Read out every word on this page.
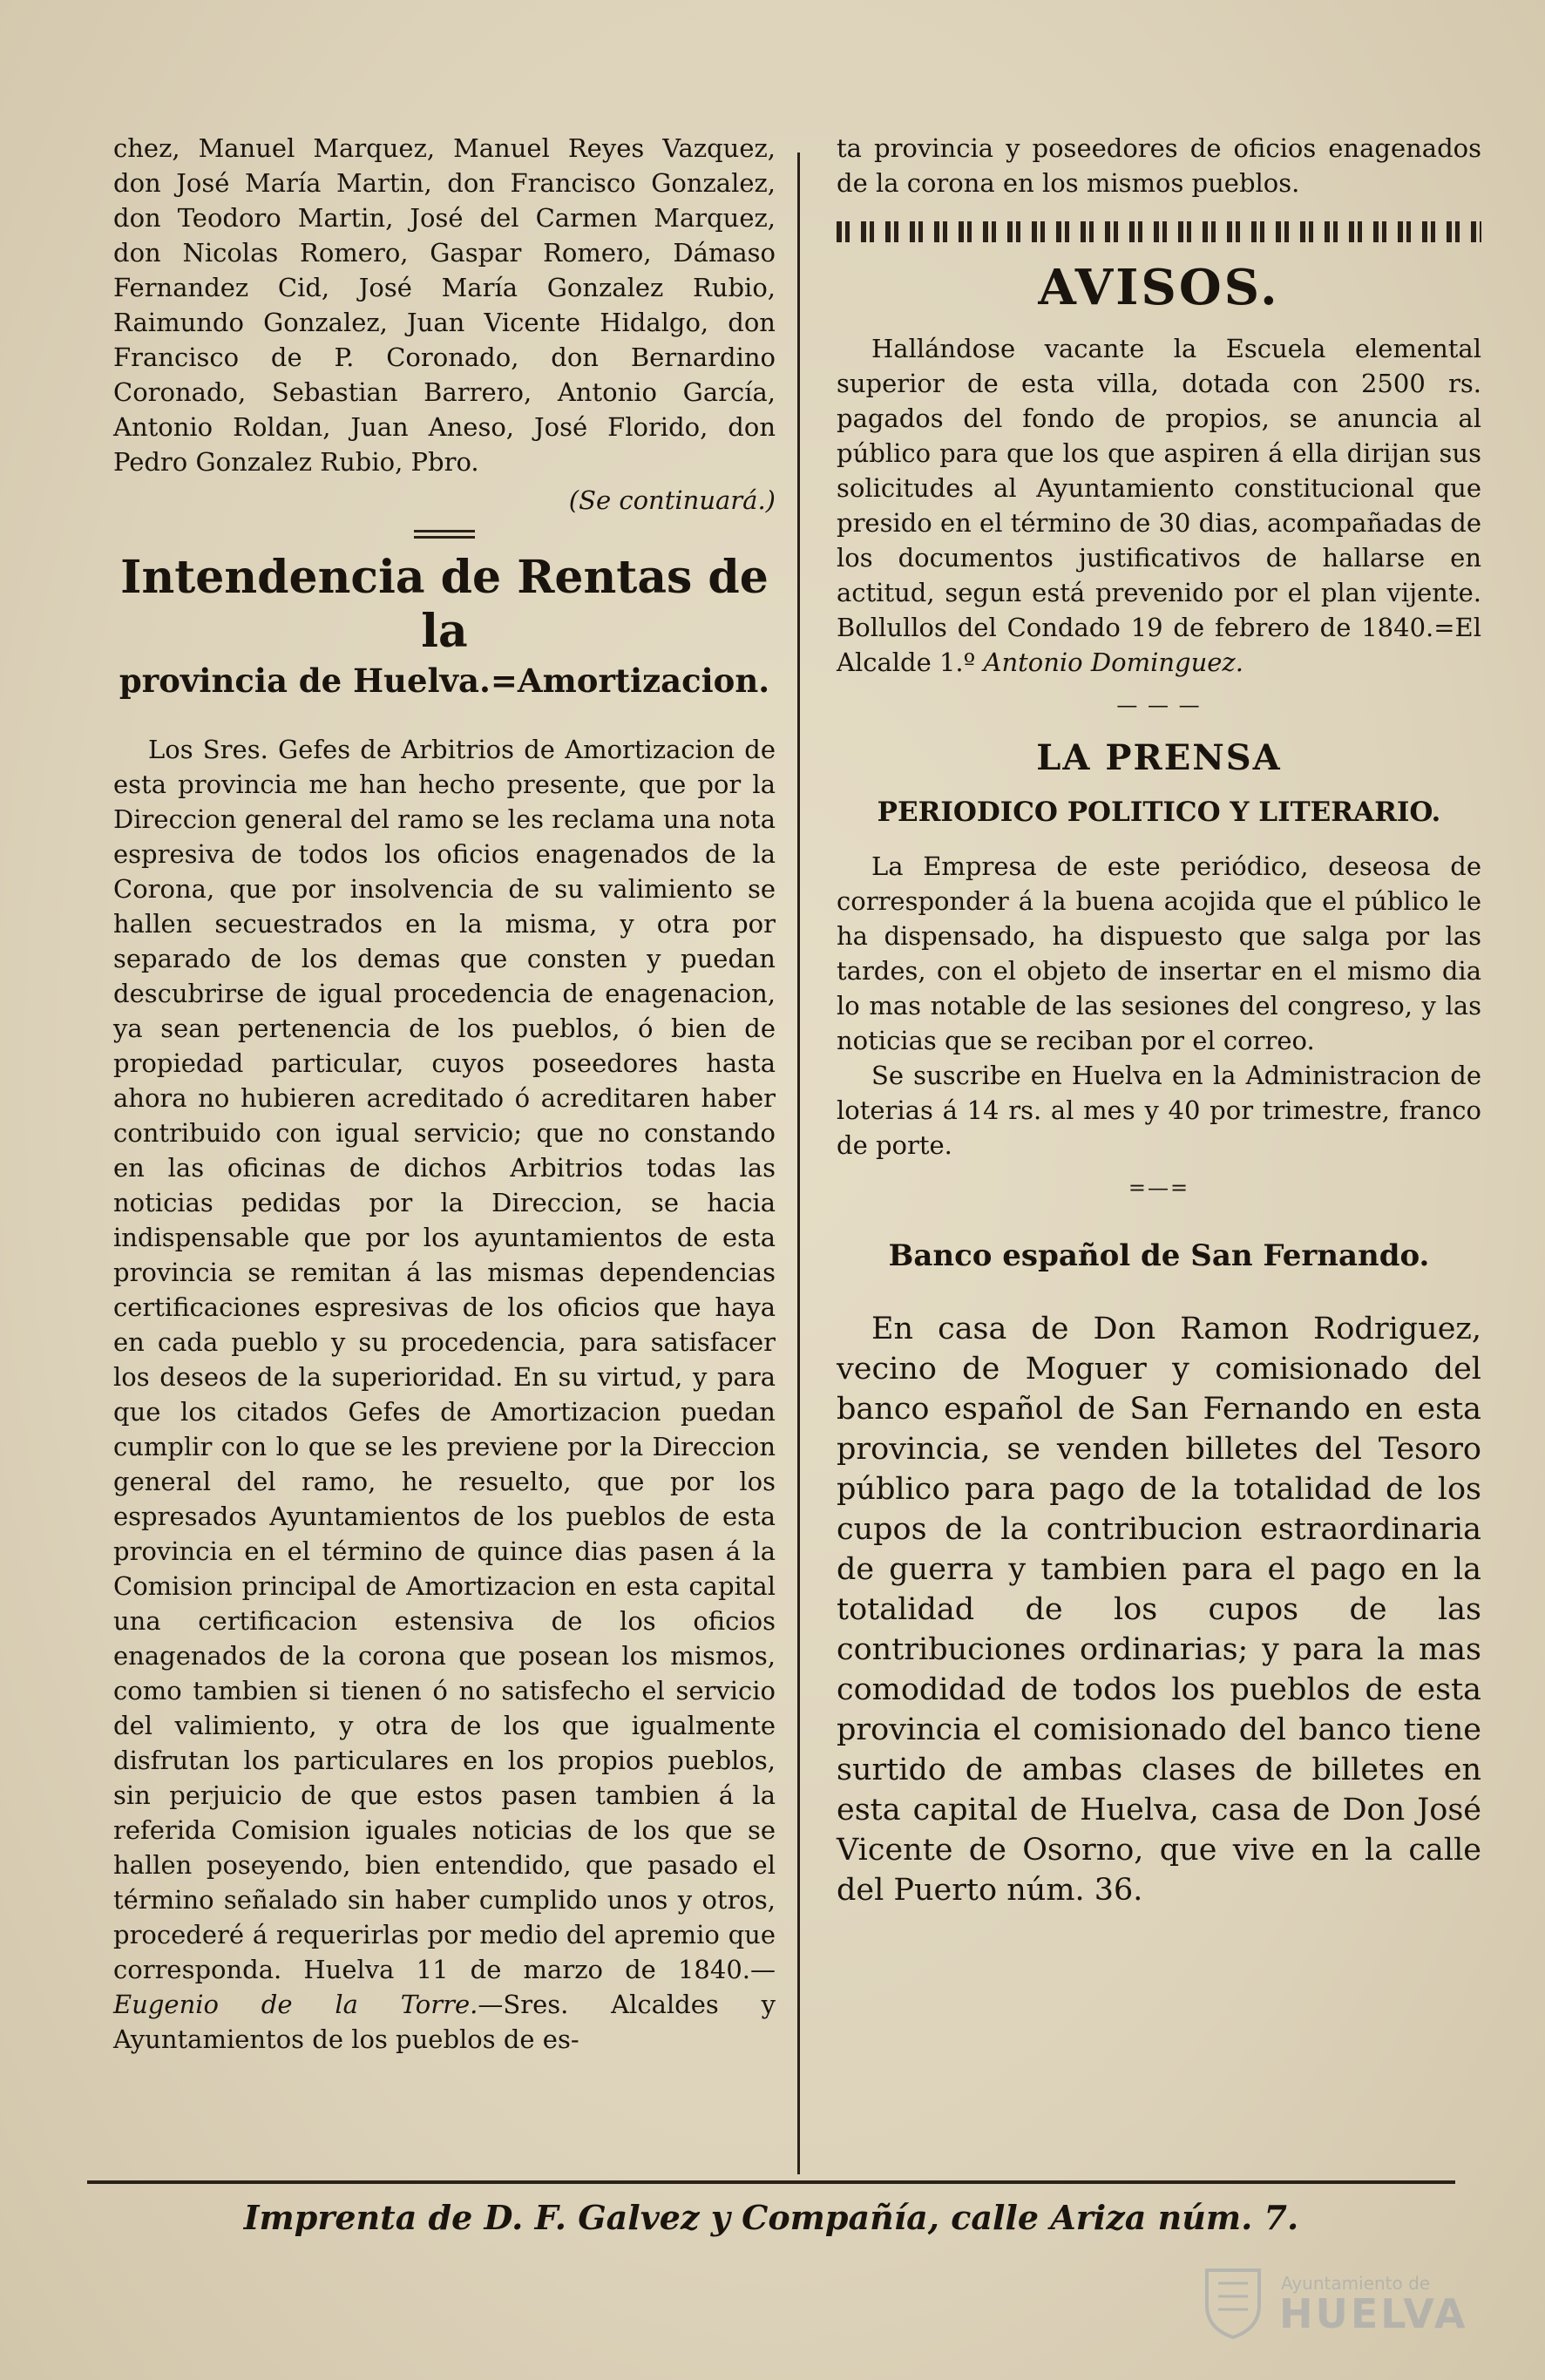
chez, Manuel Marquez, Manuel Reyes Vazquez, don José María Martin, don Francisco Gonzalez, don Teodoro Martin, José del Carmen Marquez, don Nicolas Romero, Gaspar Romero, Dámaso Fernandez Cid, José María Gonzalez Rubio, Raimundo Gonzalez, Juan Vicente Hidalgo, don Francisco de P. Coronado, don Bernardino Coronado, Sebastian Barrero, Antonio García, Antonio Roldan, Juan Aneso, José Florido, don Pedro Gonzalez Rubio, Pbro.

(Se continuará.)

Intendencia de Rentas de la
provincia de Huelva.=Amortizacion.

Los Sres. Gefes de Arbitrios de Amortizacion de esta provincia me han hecho presente, que por la Direccion general del ramo se les reclama una nota espresiva de todos los oficios enagenados de la Corona, que por insolvencia de su valimiento se hallen secuestrados en la misma, y otra por separado de los demas que consten y puedan descubrirse de igual procedencia de enagenacion, ya sean pertenencia de los pueblos, ó bien de propiedad particular, cuyos poseedores hasta ahora no hubieren acreditado ó acreditaren haber contribuido con igual servicio; que no constando en las oficinas de dichos Arbitrios todas las noticias pedidas por la Direccion, se hacia indispensable que por los ayuntamientos de esta provincia se remitan á las mismas dependencias certificaciones espresivas de los oficios que haya en cada pueblo y su procedencia, para satisfacer los deseos de la superioridad. En su virtud, y para que los citados Gefes de Amortizacion puedan cumplir con lo que se les previene por la Direccion general del ramo, he resuelto, que por los espresados Ayuntamientos de los pueblos de esta provincia en el término de quince dias pasen á la Comision principal de Amortizacion en esta capital una certificacion estensiva de los oficios enagenados de la corona que posean los mismos, como tambien si tienen ó no satisfecho el servicio del valimiento, y otra de los que igualmente disfrutan los particulares en los propios pueblos, sin perjuicio de que estos pasen tambien á la referida Comision iguales noticias de los que se hallen poseyendo, bien entendido, que pasado el término señalado sin haber cumplido unos y otros, procederé á requerirlas por medio del apremio que corresponda. Huelva 11 de marzo de 1840.—Eugenio de la Torre.—Sres. Alcaldes y Ayuntamientos de los pueblos de es-

ta provincia y poseedores de oficios enagenados de la corona en los mismos pueblos.

AVISOS.

Hallándose vacante la Escuela elemental superior de esta villa, dotada con 2500 rs. pagados del fondo de propios, se anuncia al público para que los que aspiren á ella dirijan sus solicitudes al Ayuntamiento constitucional que presido en el término de 30 dias, acompañadas de los documentos justificativos de hallarse en actitud, segun está prevenido por el plan vijente. Bollullos del Condado 19 de febrero de 1840.=El Alcalde 1.º Antonio Dominguez.

— — —
LA PRENSA
PERIODICO POLITICO Y LITERARIO.

La Empresa de este periódico, deseosa de corresponder á la buena acojida que el público le ha dispensado, ha dispuesto que salga por las tardes, con el objeto de insertar en el mismo dia lo mas notable de las sesiones del congreso, y las noticias que se reciban por el correo.

Se suscribe en Huelva en la Administracion de loterias á 14 rs. al mes y 40 por trimestre, franco de porte.

=—=
Banco español de San Fernando.

En casa de Don Ramon Rodriguez, vecino de Moguer y comisionado del banco español de San Fernando en esta provincia, se venden billetes del Tesoro público para pago de la totalidad de los cupos de la contribucion estraordinaria de guerra y tambien para el pago en la totalidad de los cupos de las contribuciones ordinarias; y para la mas comodidad de todos los pueblos de esta provincia el comisionado del banco tiene surtido de ambas clases de billetes en esta capital de Huelva, casa de Don José Vicente de Osorno, que vive en la calle del Puerto núm. 36.

Imprenta de D. F. Galvez y Compañía, calle Ariza núm. 7.
Ayuntamiento de
HUELVA
